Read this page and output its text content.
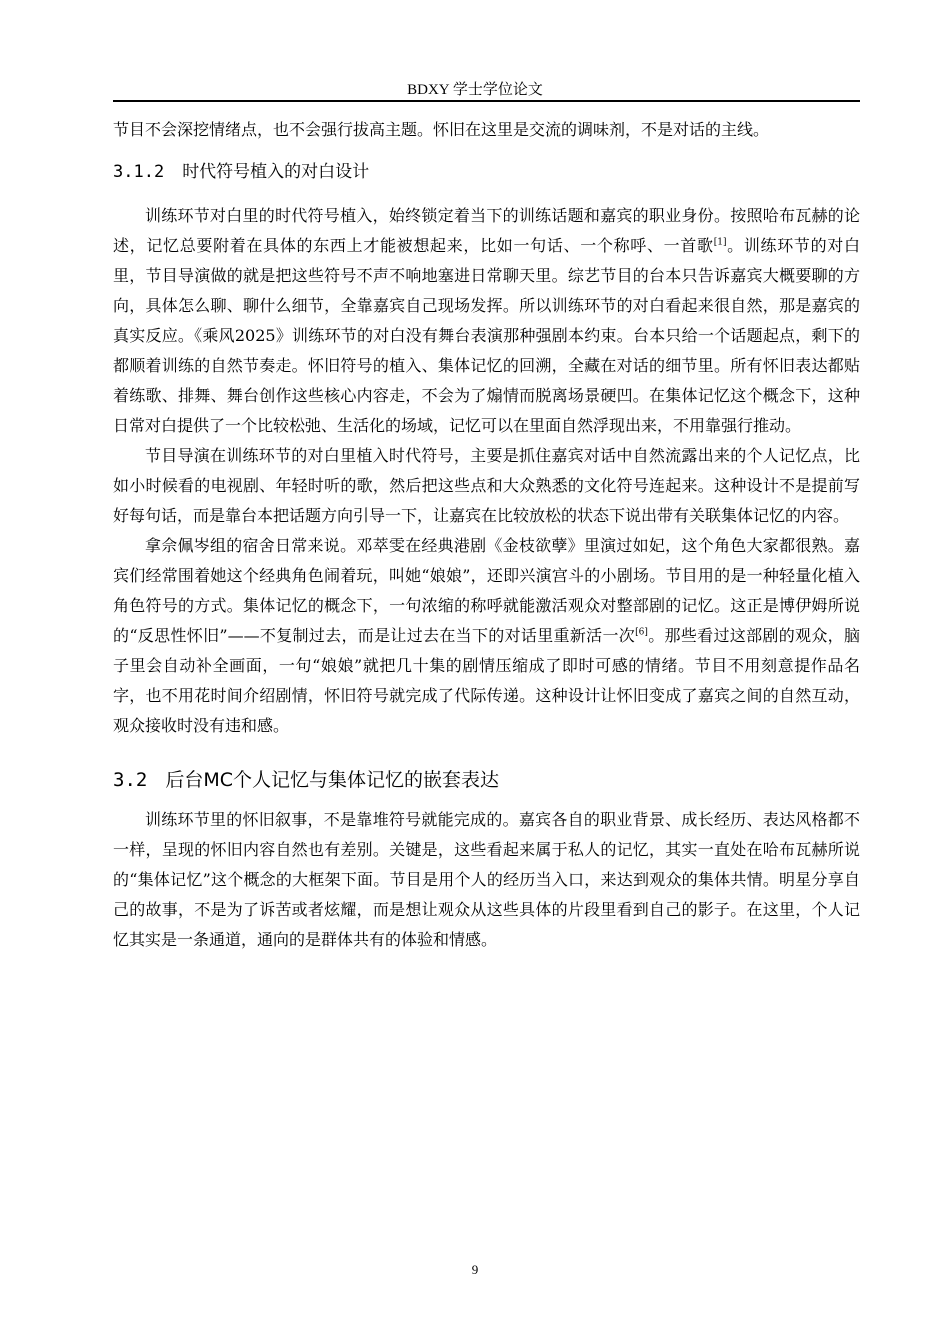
BDXY 学士学位论文

节目不会深挖情绪点，也不会强行拔高主题。怀旧在这里是交流的调味剂，不是对话的主线。

3.1.2 时代符号植入的对白设计

训练环节对白里的时代符号植入，始终锁定着当下的训练话题和嘉宾的职业身份。按照哈布瓦赫的论述，记忆总要附着在具体的东西上才能被想起来，比如一句话、一个称呼、一首歌[1]。训练环节的对白里，节目导演做的就是把这些符号不声不响地塞进日常聊天里。综艺节目的台本只告诉嘉宾大概要聊的方向，具体怎么聊、聊什么细节，全靠嘉宾自己现场发挥。所以训练环节的对白看起来很自然，那是嘉宾的真实反应。《乘风2025》训练环节的对白没有舞台表演那种强剧本约束。台本只给一个话题起点，剩下的都顺着训练的自然节奏走。怀旧符号的植入、集体记忆的回溯，全藏在对话的细节里。所有怀旧表达都贴着练歌、排舞、舞台创作这些核心内容走，不会为了煽情而脱离场景硬凹。在集体记忆这个概念下，这种日常对白提供了一个比较松弛、生活化的场域，记忆可以在里面自然浮现出来，不用靠强行推动。

节目导演在训练环节的对白里植入时代符号，主要是抓住嘉宾对话中自然流露出来的个人记忆点，比如小时候看的电视剧、年轻时听的歌，然后把这些点和大众熟悉的文化符号连起来。这种设计不是提前写好每句话，而是靠台本把话题方向引导一下，让嘉宾在比较放松的状态下说出带有关联集体记忆的内容。

拿佘佩岑组的宿舍日常来说。邓萃雯在经典港剧《金枝欲孽》里演过如妃，这个角色大家都很熟。嘉宾们经常围着她这个经典角色闹着玩，叫她“娘娘”，还即兴演宫斗的小剧场。节目用的是一种轻量化植入角色符号的方式。集体记忆的概念下，一句浓缩的称呼就能激活观众对整部剧的记忆。这正是博伊姆所说的“反思性怀旧”——不复制过去，而是让过去在当下的对话里重新活一次[6]。那些看过这部剧的观众，脑子里会自动补全画面，一句“娘娘”就把几十集的剧情压缩成了即时可感的情绪。节目不用刻意提作品名字，也不用花时间介绍剧情，怀旧符号就完成了代际传递。这种设计让怀旧变成了嘉宾之间的自然互动，观众接收时没有违和感。

3.2 后台MC个人记忆与集体记忆的嵌套表达

训练环节里的怀旧叙事，不是靠堆符号就能完成的。嘉宾各自的职业背景、成长经历、表达风格都不一样，呈现的怀旧内容自然也有差别。关键是，这些看起来属于私人的记忆，其实一直处在哈布瓦赫所说的“集体记忆”这个概念的大框架下面。节目是用个人的经历当入口，来达到观众的集体共情。明星分享自己的故事，不是为了诉苦或者炫耀，而是想让观众从这些具体的片段里看到自己的影子。在这里，个人记忆其实是一条通道，通向的是群体共有的体验和情感。

9
